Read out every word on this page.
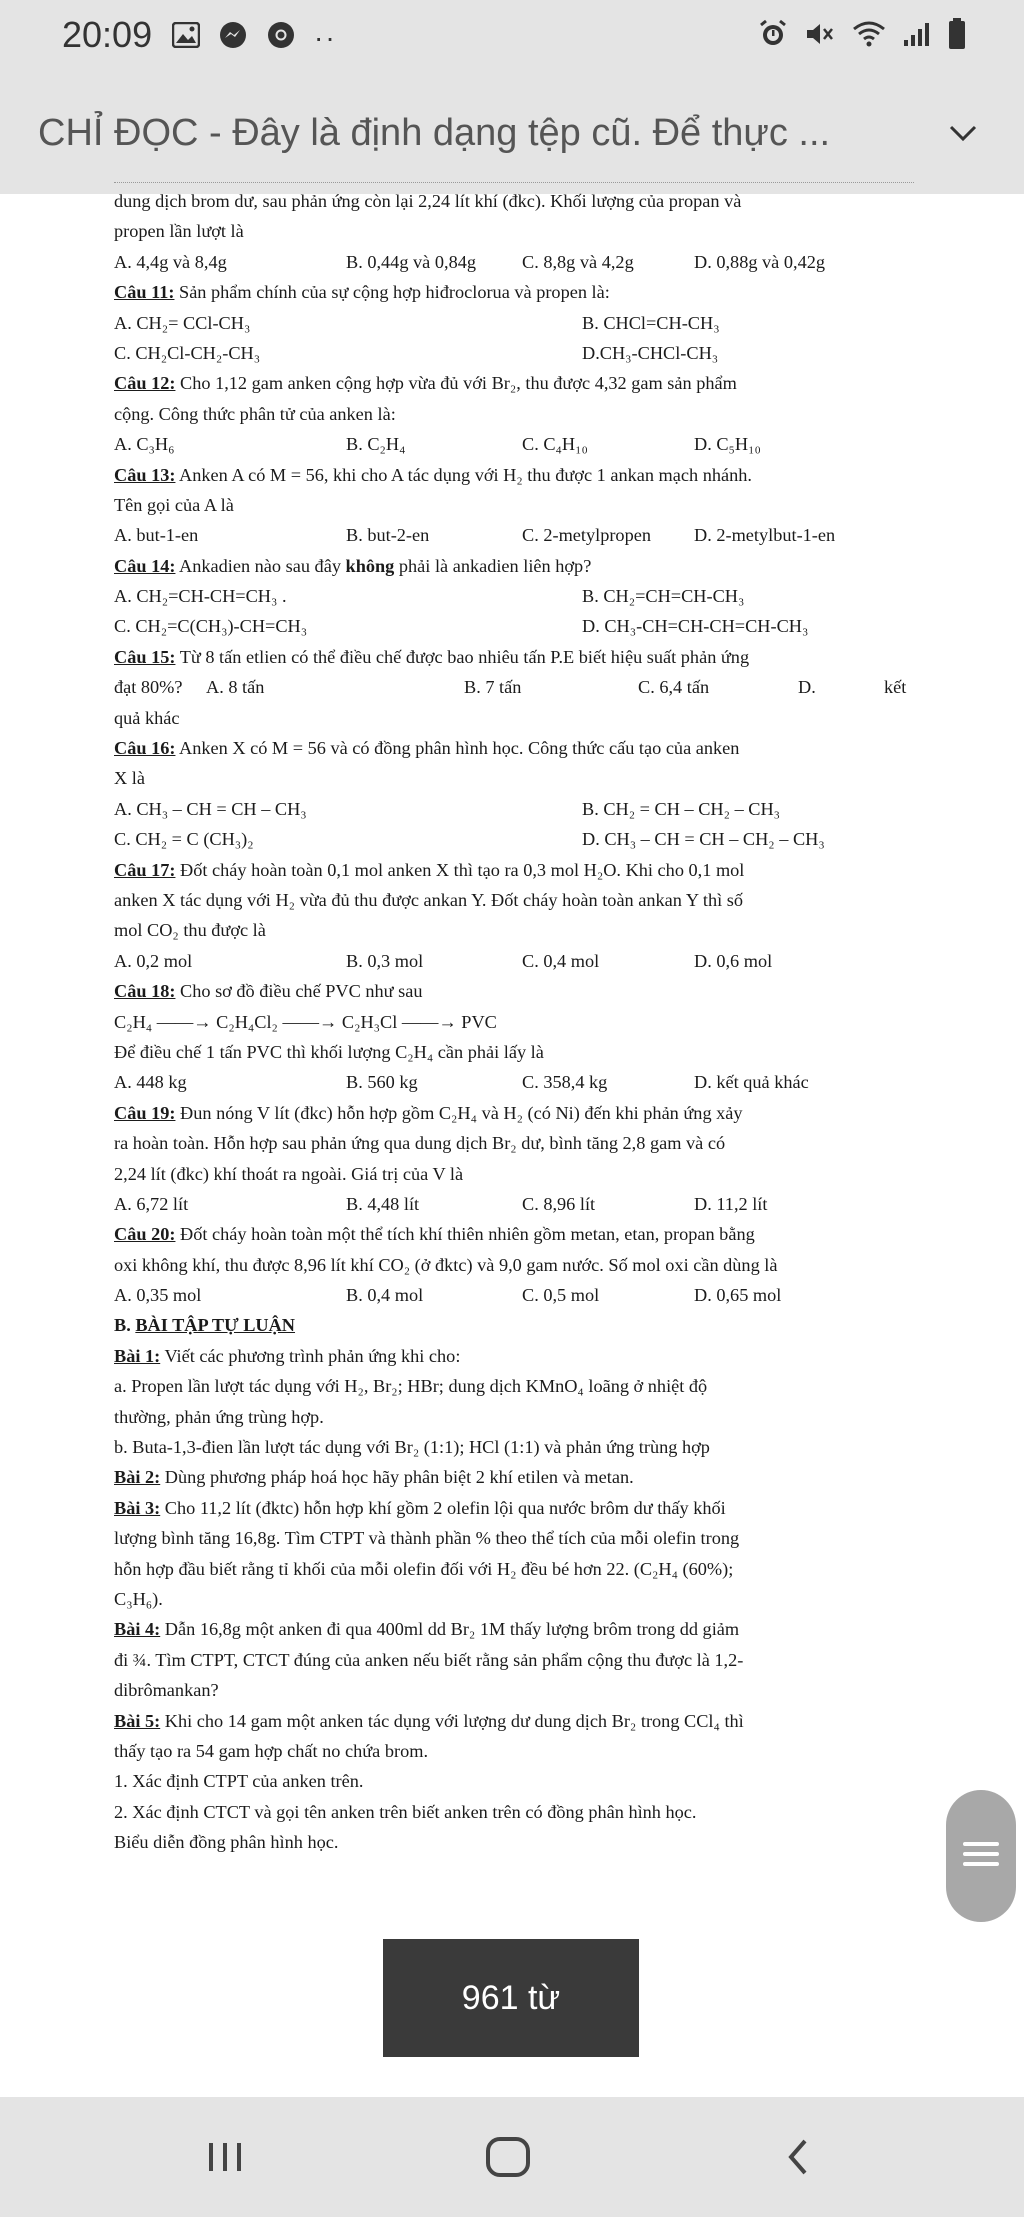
20:09	··
CHỈ ĐỌC - Đây là định dạng tệp cũ. Để thực ...
dung dịch brom dư, sau phản ứng còn lại 2,24 lít khí (đkc). Khối lượng của propan và
propen lần lượt là
A. 4,4g và 8,4g	B. 0,44g và 0,84g	C. 8,8g và 4,2g	D. 0,88g và 0,42g
Câu 11: Sản phẩm chính của sự cộng hợp hiđroclorua và propen là:
A. CH₂= CCl-CH₃	B. CHCl=CH-CH₃
C. CH₂Cl-CH₂-CH₃	D.CH₃-CHCl-CH₃
Câu 12: Cho 1,12 gam anken cộng hợp vừa đủ với Br₂, thu được 4,32 gam sản phẩm
cộng. Công thức phân tử của anken là:
A. C₃H₆	B. C₂H₄	C. C₄H₁₀	D. C₅H₁₀
Câu 13: Anken A có M = 56, khi cho A tác dụng với H₂ thu được 1 ankan mạch nhánh.
Tên gọi của A là
A. but-1-en	B. but-2-en	C. 2-metylpropen D. 2-metylbut-1-en
Câu 14: Ankadien nào sau đây không phải là ankadien liên hợp?
A. CH₂=CH-CH=CH₃ .	B. CH₂=CH=CH-CH₃
C. CH₂=C(CH₃)-CH=CH₃	D. CH₃-CH=CH-CH=CH-CH₃
Câu 15: Từ 8 tấn etlien có thể điều chế được bao nhiêu tấn P.E biết hiệu suất phản ứng
đạt 80%? A. 8 tấn	B. 7 tấn	C. 6,4 tấn	D.	kết
quả khác
Câu 16: Anken X có M = 56 và có đồng phân hình học. Công thức cấu tạo của anken
X là
A. CH₃ – CH = CH – CH₃	B. CH₂ = CH – CH₂ – CH₃
C. CH₂ = C (CH₃)₂	D. CH₃ – CH = CH – CH₂ – CH₃
Câu 17: Đốt cháy hoàn toàn 0,1 mol anken X thì tạo ra 0,3 mol H₂O. Khi cho 0,1 mol
anken X tác dụng với H₂ vừa đủ thu được ankan Y. Đốt cháy hoàn toàn ankan Y thì số
mol CO₂ thu được là
A. 0,2 mol	B. 0,3 mol	C. 0,4 mol	D. 0,6 mol
Câu 18: Cho sơ đồ điều chế PVC như sau
C₂H₄ ——→ C₂H₄Cl₂ ——→ C₂H₃Cl ——→ PVC
Để điều chế 1 tấn PVC thì khối lượng C₂H₄ cần phải lấy là
A. 448 kg	B. 560 kg	C. 358,4 kg	D. kết quả khác
Câu 19: Đun nóng V lít (đkc) hỗn hợp gồm C₂H₄ và H₂ (có Ni) đến khi phản ứng xảy
ra hoàn toàn. Hỗn hợp sau phản ứng qua dung dịch Br₂ dư, bình tăng 2,8 gam và có
2,24 lít (đkc) khí thoát ra ngoài. Giá trị của V là
A. 6,72 lít	B. 4,48 lít	C. 8,96 lít	D. 11,2 lít
Câu 20: Đốt cháy hoàn toàn một thể tích khí thiên nhiên gồm metan, etan, propan bằng
oxi không khí, thu được 8,96 lít khí CO₂ (ở đktc) và 9,0 gam nước. Số mol oxi cần dùng là
A. 0,35 mol	B. 0,4 mol	C. 0,5 mol	D. 0,65 mol
B. BÀI TẬP TỰ LUẬN
Bài 1: Viết các phương trình phản ứng khi cho:
a. Propen lần lượt tác dụng với H₂, Br₂; HBr; dung dịch KMnO₄ loãng ở nhiệt độ
thường, phản ứng trùng hợp.
b. Buta-1,3-đien lần lượt tác dụng với Br₂ (1:1); HCl (1:1) và phản ứng trùng hợp
Bài 2: Dùng phương pháp hoá học hãy phân biệt 2 khí etilen và metan.
Bài 3: Cho 11,2 lít (đktc) hỗn hợp khí gồm 2 olefin lội qua nước brôm dư thấy khối
lượng bình tăng 16,8g. Tìm CTPT và thành phần % theo thể tích của mỗi olefin trong
hỗn hợp đầu biết rằng tỉ khối của mỗi olefin đối với H₂ đều bé hơn 22. (C₂H₄ (60%);
C₃H₆).
Bài 4: Dẫn 16,8g một anken đi qua 400ml dd Br₂ 1M thấy lượng brôm trong dd giảm
đi ¾. Tìm CTPT, CTCT đúng của anken nếu biết rằng sản phẩm cộng thu được là 1,2-
dibrômankan?
Bài 5: Khi cho 14 gam một anken tác dụng với lượng dư dung dịch Br₂ trong CCl₄ thì
thấy tạo ra 54 gam hợp chất no chứa brom.
1. Xác định CTPT của anken trên.
2. Xác định CTCT và gọi tên anken trên biết anken trên có đồng phân hình học.
Biểu diễn đồng phân hình học.
961 từ
